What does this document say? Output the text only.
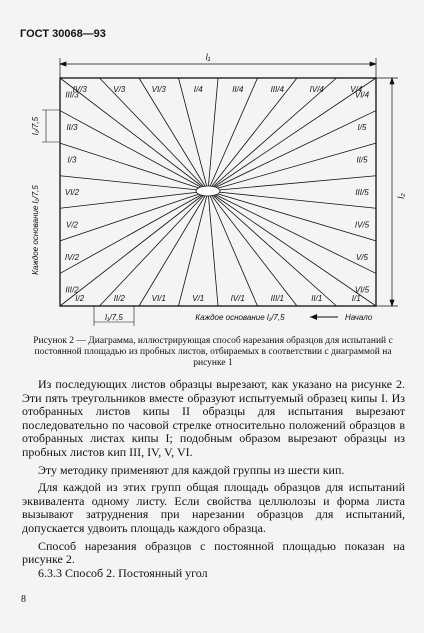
ГОСТ 30068—93
l₁
l₂
l₂/7,5
Каждое основание l₂/7,5
l₁/7,5	Каждое основание l₁/7,5	Начало
IV/3	V/3	VI/3	I/4	II/4	III/4	IV/4	V/4
I/2	II/2	VI/1	V/1	IV/1	III/1	II/1	I/1
III/3
II/3
I/3
VI/2
V/2
IV/2
III/2
VI/4
I/5
II/5
III/5
IV/5
V/5
VI/5
Рисунок 2 — Диаграмма, иллюстрирующая способ нарезания образцов для испытаний с постоянной площадью из пробных листов, отбираемых в соответствии с диаграммой на рисунке 1

Из последующих листов образцы вырезают, как указано на рисунке 2. Эти пять треугольников вместе образуют испытуемый образец кипы I. Из отобранных листов кипы II образцы для испытания вырезают последовательно по часовой стрелке относительно положений образцов в отобранных листах кипы I; подобным образом вырезают образцы из пробных листов кип III, IV, V, VI.

Эту методику применяют для каждой группы из шести кип.

Для каждой из этих групп общая площадь образцов для испытаний эквивалента одному листу. Если свойства целлюлозы и форма листа вызывают затруднения при нарезании образцов для испытаний, допускается удвоить площадь каждого образца.

Способ нарезания образцов с постоянной площадью показан на рисунке 2.

6.3.3 Способ 2. Постоянный угол

8
